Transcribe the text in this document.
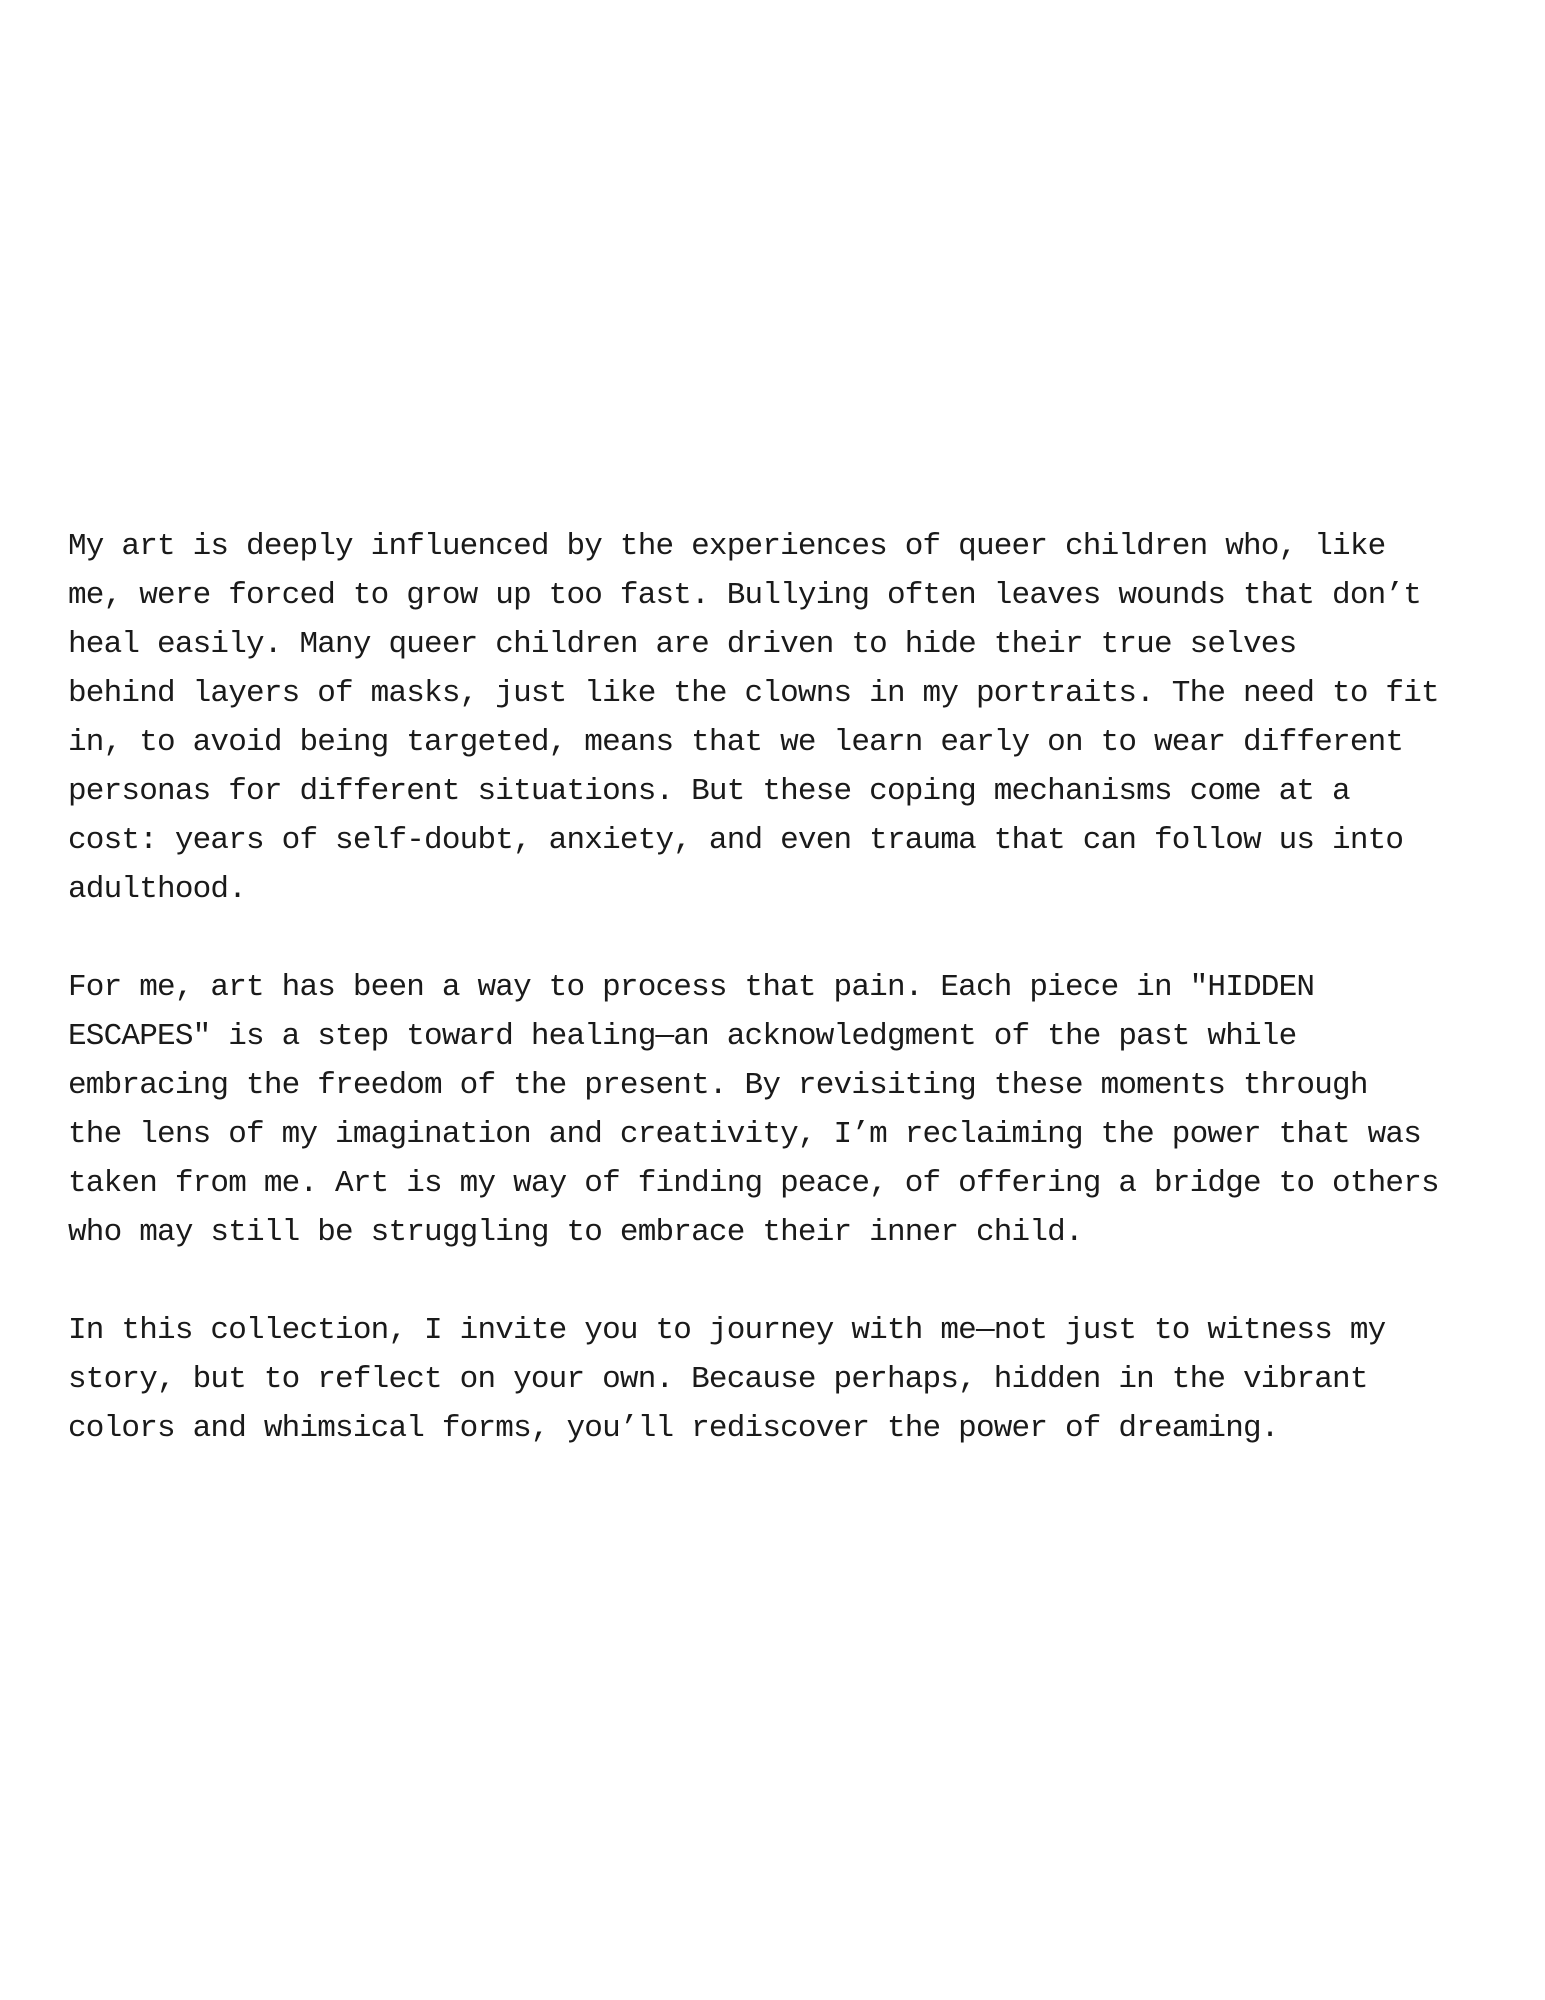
My art is deeply influenced by the experiences of queer children who, like
me, were forced to grow up too fast. Bullying often leaves wounds that don’t
heal easily. Many queer children are driven to hide their true selves
behind layers of masks, just like the clowns in my portraits. The need to fit
in, to avoid being targeted, means that we learn early on to wear different
personas for different situations. But these coping mechanisms come at a
cost: years of self-doubt, anxiety, and even trauma that can follow us into
adulthood.

For me, art has been a way to process that pain. Each piece in "HIDDEN
ESCAPES" is a step toward healing—an acknowledgment of the past while
embracing the freedom of the present. By revisiting these moments through
the lens of my imagination and creativity, I’m reclaiming the power that was
taken from me. Art is my way of finding peace, of offering a bridge to others
who may still be struggling to embrace their inner child.

In this collection, I invite you to journey with me—not just to witness my
story, but to reflect on your own. Because perhaps, hidden in the vibrant
colors and whimsical forms, you’ll rediscover the power of dreaming.
